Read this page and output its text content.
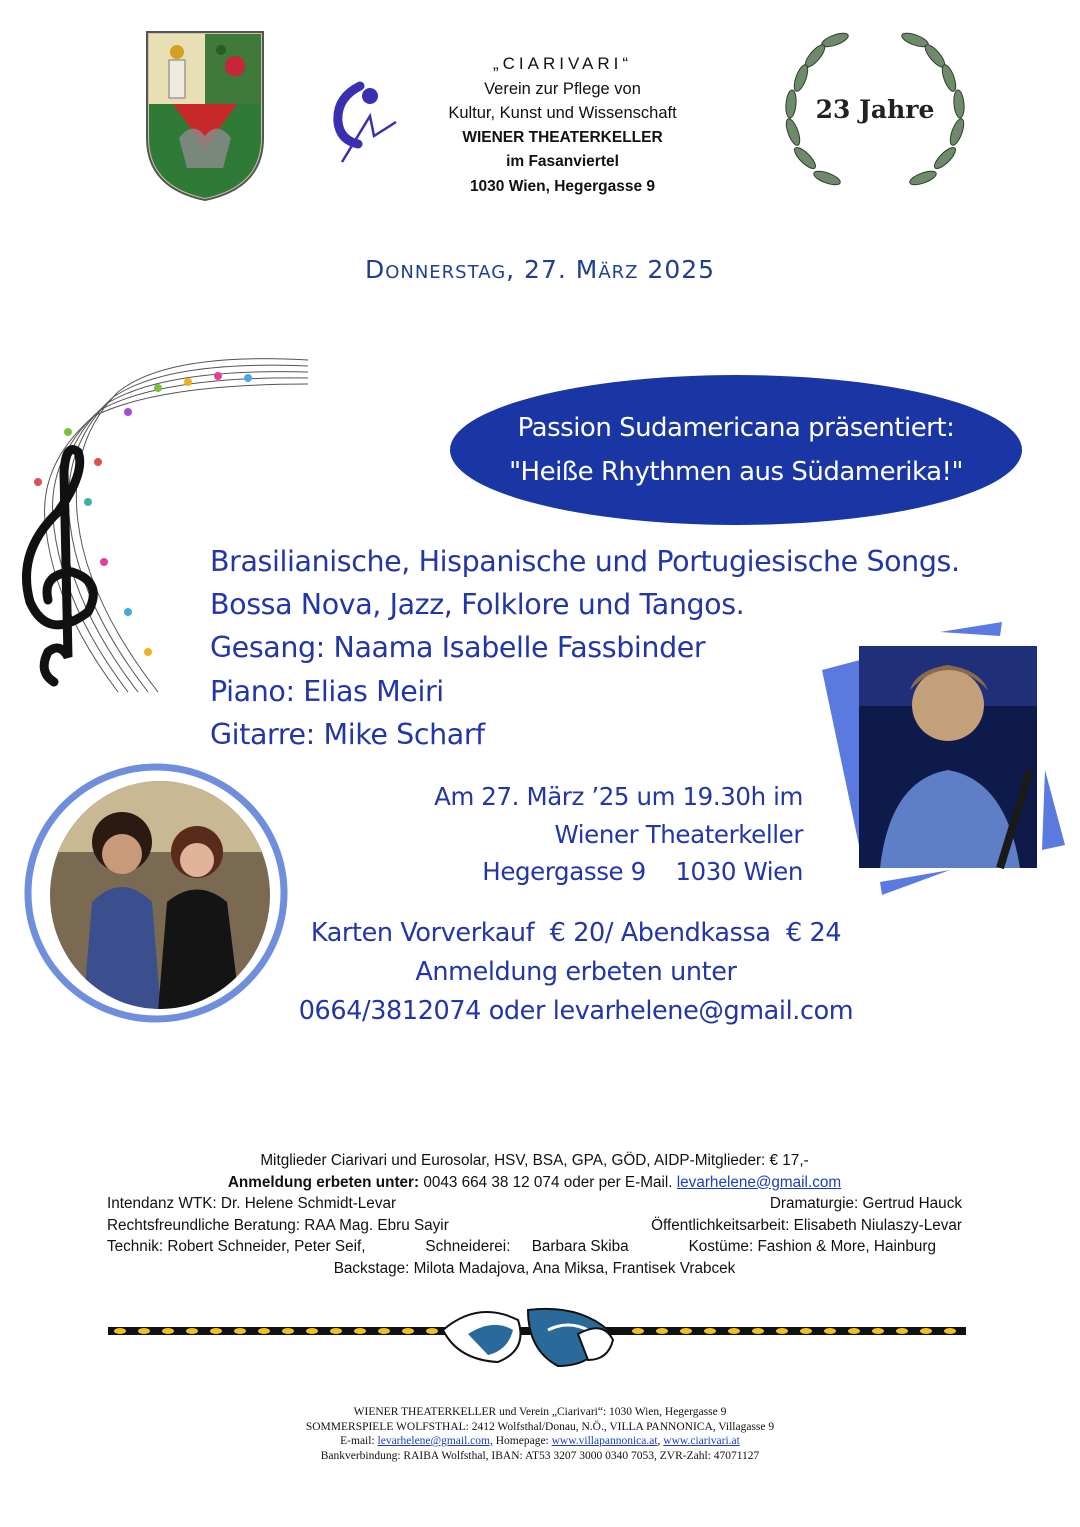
„CIARIVARI“
Verein zur Pflege von
Kultur, Kunst und Wissenschaft
WIENER THEATERKELLER
im Fasanviertel
1030 Wien, Hegergasse 9
23 Jahre
Donnerstag, 27. März 2025
Passion Sudamericana präsentiert:
"Heiße Rhythmen aus Südamerika!"
Brasilianische, Hispanische und Portugiesische Songs.
Bossa Nova, Jazz, Folklore und Tangos.
Gesang: Naama Isabelle Fassbinder
Piano: Elias Meiri
Gitarre: Mike Scharf
Am 27. März ’25 um 19.30h im
Wiener Theaterkeller
Hegergasse 9    1030 Wien
Karten Vorverkauf  € 20/ Abendkassa  € 24
Anmeldung erbeten unter
0664/3812074 oder levarhelene@gmail.com
Mitglieder Ciarivari und Eurosolar, HSV, BSA, GPA, GÖD, AIDP-Mitglieder: € 17,-
Anmeldung erbeten unter: 0043 664 38 12 074 oder per E-Mail. levarhelene@gmail.com
Intendanz WTK: Dr. Helene Schmidt-Levar	Dramaturgie: Gertrud Hauck
Rechtsfreundliche Beratung: RAA Mag. Ebru Sayir	Öffentlichkeitsarbeit: Elisabeth Niulaszy-Levar
Technik: Robert Schneider, Peter Seif,	Schneiderei:     Barbara Skiba	Kostüme: Fashion & More, Hainburg
Backstage: Milota Madajova, Ana Miksa, Frantisek Vrabcek
WIENER THEATERKELLER und Verein „Ciarivari“: 1030 Wien, Hegergasse 9
SOMMERSPIELE WOLFSTHAL: 2412 Wolfsthal/Donau, N.Ö., VILLA PANNONICA, Villagasse 9
E-mail: levarhelene@gmail.com, Homepage: www.villapannonica.at, www.ciarivari.at
Bankverbindung: RAIBA Wolfsthal, IBAN: AT53 3207 3000 0340 7053, ZVR-Zahl: 47071127
